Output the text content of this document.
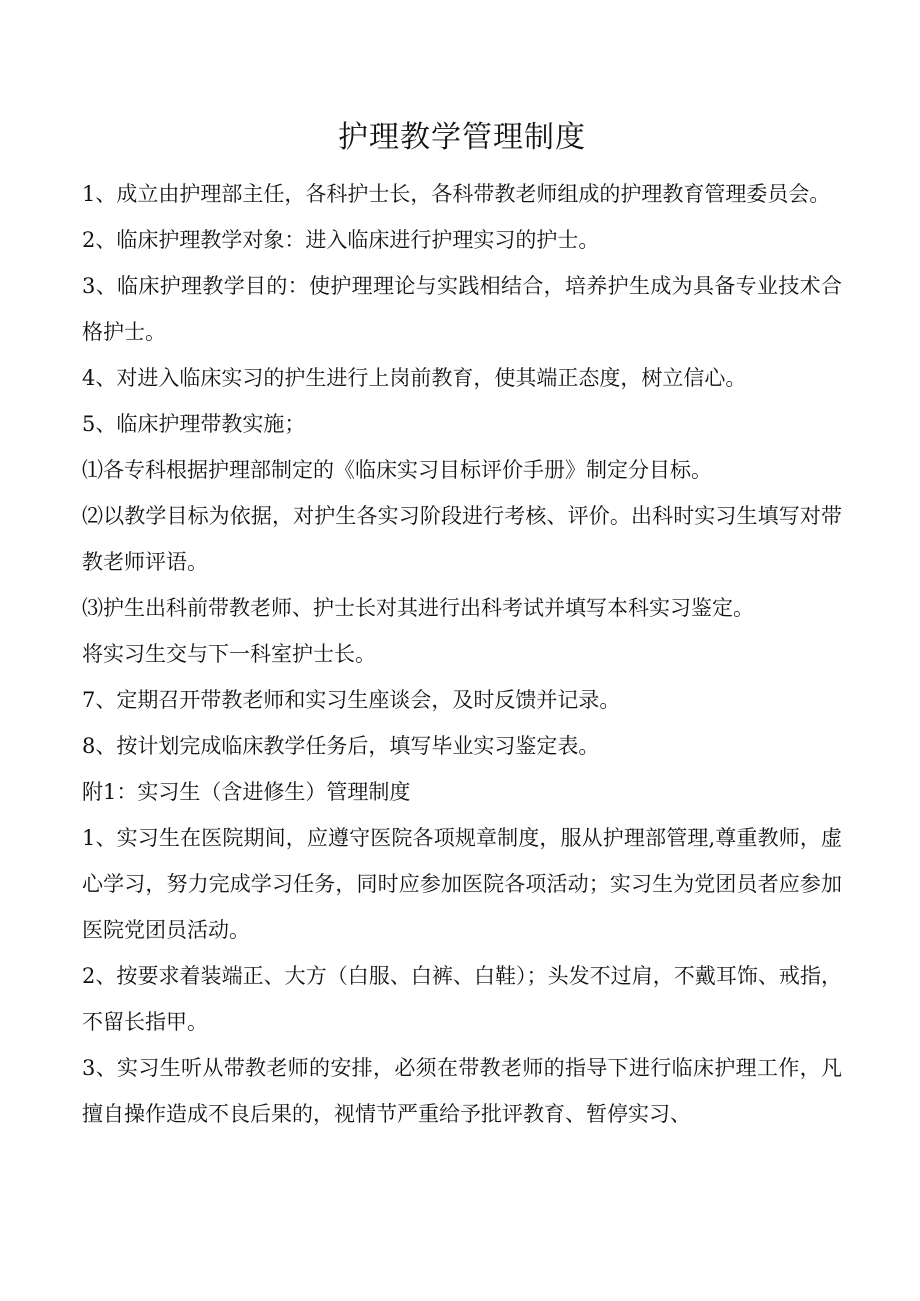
护理教学管理制度

1、成立由护理部主任，各科护士长，各科带教老师组成的护理教育管理委员会。

2、临床护理教学对象：进入临床进行护理实习的护士。

3、临床护理教学目的：使护理理论与实践相结合，培养护生成为具备专业技术合格护士。

4、对进入临床实习的护生进行上岗前教育，使其端正态度，树立信心。

5、临床护理带教实施；

⑴各专科根据护理部制定的《临床实习目标评价手册》制定分目标。

⑵以教学目标为依据，对护生各实习阶段进行考核、评价。出科时实习生填写对带教老师评语。

⑶护生出科前带教老师、护士长对其进行出科考试并填写本科实习鉴定。

将实习生交与下一科室护士长。

7、定期召开带教老师和实习生座谈会，及时反馈并记录。

8、按计划完成临床教学任务后，填写毕业实习鉴定表。

附1：实习生（含进修生）管理制度

1、实习生在医院期间，应遵守医院各项规章制度，服从护理部管理,尊重教师，虚心学习，努力完成学习任务，同时应参加医院各项活动；实习生为党团员者应参加医院党团员活动。

2、按要求着装端正、大方（白服、白裤、白鞋）；头发不过肩，不戴耳饰、戒指，不留长指甲。

3、实习生听从带教老师的安排，必须在带教老师的指导下进行临床护理工作，凡擅自操作造成不良后果的，视情节严重给予批评教育、暂停实习、
